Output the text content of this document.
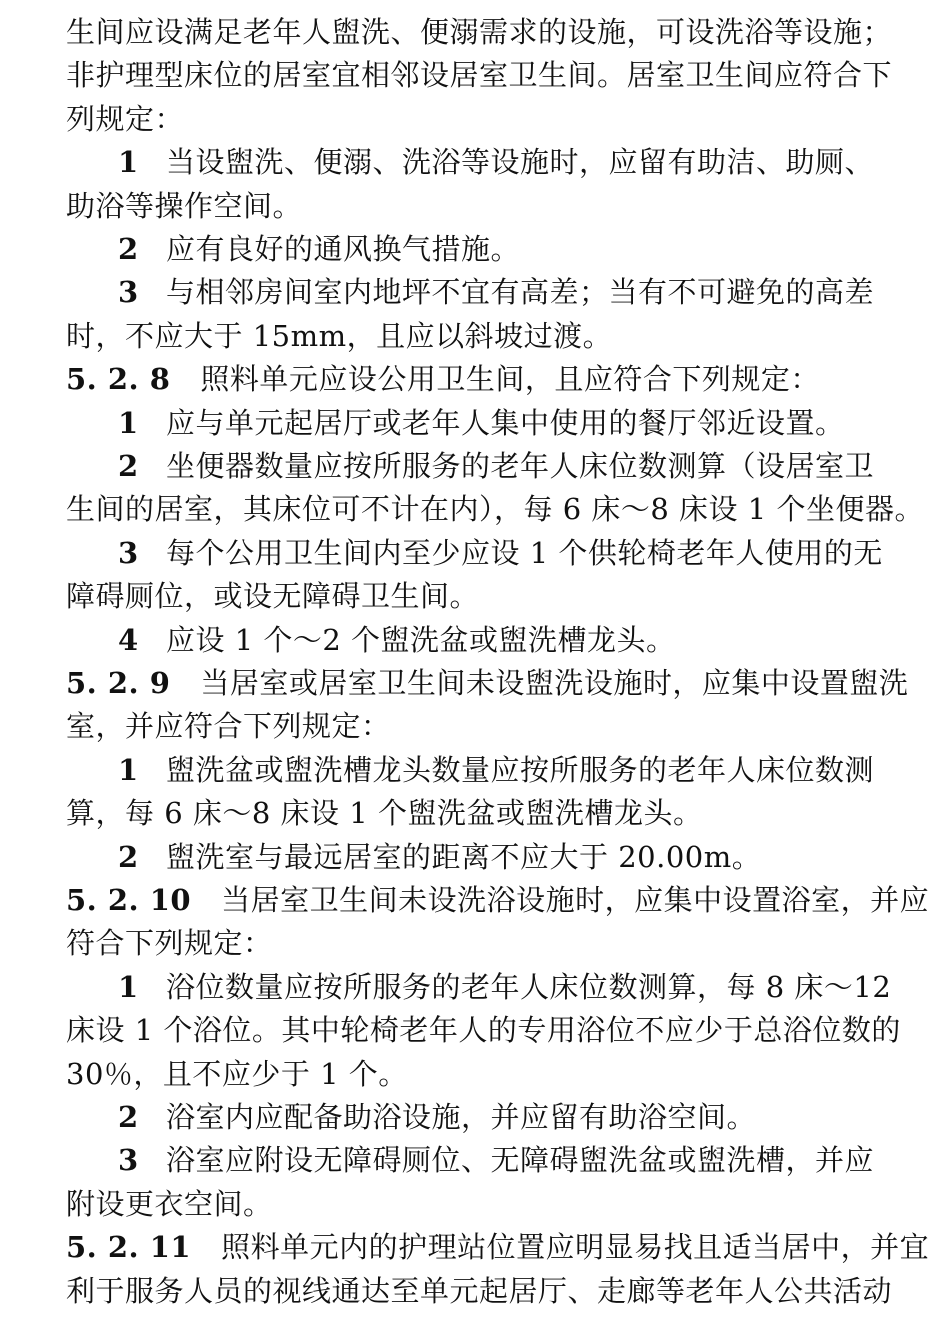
生间应设满足老年人盥洗、便溺需求的设施，可设洗浴等设施；
非护理型床位的居室宜相邻设居室卫生间。居室卫生间应符合下
列规定：
1 当设盥洗、便溺、洗浴等设施时，应留有助洁、助厕、
助浴等操作空间。
2 应有良好的通风换气措施。
3 与相邻房间室内地坪不宜有高差；当有不可避免的高差
时，不应大于 15mm，且应以斜坡过渡。
5. 2. 8 照料单元应设公用卫生间，且应符合下列规定：
1 应与单元起居厅或老年人集中使用的餐厅邻近设置。
2 坐便器数量应按所服务的老年人床位数测算（设居室卫
生间的居室，其床位可不计在内），每 6 床～8 床设 1 个坐便器。
3 每个公用卫生间内至少应设 1 个供轮椅老年人使用的无
障碍厕位，或设无障碍卫生间。
4 应设 1 个～2 个盥洗盆或盥洗槽龙头。
5. 2. 9 当居室或居室卫生间未设盥洗设施时，应集中设置盥洗
室，并应符合下列规定：
1 盥洗盆或盥洗槽龙头数量应按所服务的老年人床位数测
算，每 6 床～8 床设 1 个盥洗盆或盥洗槽龙头。
2 盥洗室与最远居室的距离不应大于 20.00m。
5. 2. 10 当居室卫生间未设洗浴设施时，应集中设置浴室，并应
符合下列规定：
1 浴位数量应按所服务的老年人床位数测算，每 8 床～12
床设 1 个浴位。其中轮椅老年人的专用浴位不应少于总浴位数的
30％，且不应少于 1 个。
2 浴室内应配备助浴设施，并应留有助浴空间。
3 浴室应附设无障碍厕位、无障碍盥洗盆或盥洗槽，并应
附设更衣空间。
5. 2. 11 照料单元内的护理站位置应明显易找且适当居中，并宜
利于服务人员的视线通达至单元起居厅、走廊等老年人公共活动
